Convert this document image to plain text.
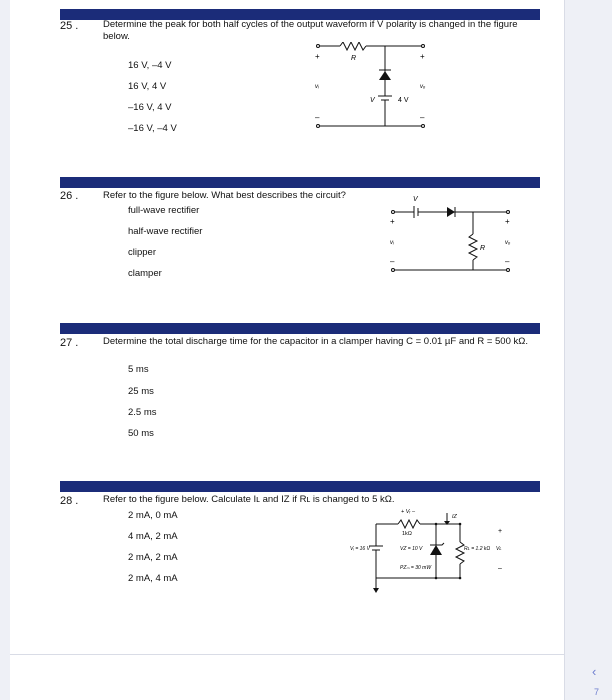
25 .	Determine the peak for both half cycles of the output waveform if V polarity is changed in the figure below.
16 V, –4 V
16 V, 4 V
–16 V, 4 V
–16 V, –4 V
R
+	+
vᵢ	vₒ
V	4 V
–	–
26 .	Refer to the figure below. What best describes the circuit?
full-wave rectifier
half-wave rectifier
clipper
clamper
V
R
+	+
vᵢ	vₒ
–	–
27 .	Determine the total discharge time for the capacitor in a clamper having C = 0.01 µF and R = 500 kΩ.
5 ms
25 ms
2.5 ms
50 ms
28 .	Refer to the figure below. Calculate Iʟ and IΖ if Rʟ is changed to 5 kΩ.
2 mA, 0 mA
4 mA, 2 mA
2 mA, 2 mA
2 mA, 4 mA
+ Vᵣ –
1kΩ
Vᵢ = 16 V	VΖ = 10 V
PΖₘ = 30 mW
Rʟ = 1.2 kΩ Vʟ
IΖ
+
–
‹
7
